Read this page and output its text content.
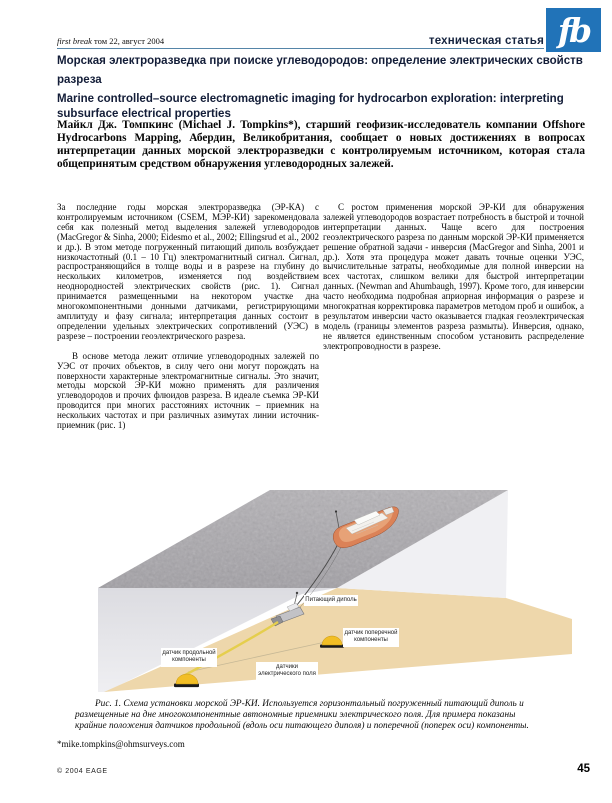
first break том 22, август 2004	техническая статья fb
Морская электроразведка при поиске углеводородов: определение электрических свойств разреза
Marine controlled–source electromagnetic imaging for hydrocarbon exploration: interpreting subsurface electrical properties
Майкл Дж. Томпкинс (Michael J. Tompkins*), старший геофизик-исследователь компании Offshore Hydrocarbons Mapping, Абердин, Великобритания, сообщает о новых достижениях в вопросах интерпретации данных морской электроразведки с контролируемым источником, которая стала общепринятым средством обнаружения углеводородных залежей.

За последние годы морская электроразведка (ЭР-КА) с контролируемым источником (CSEM, МЭР-КИ) зарекомендовала себя как полезный метод выделения залежей углеводородов (MacGregor & Sinha, 2000; Eidesmo et al., 2002; Ellingsrud et al., 2002 и др.). В этом методе погруженный питающий диполь возбуждает низкочастотный (0.1 – 10 Гц) электромагнитный сигнал. Сигнал, распространяющийся в толще воды и в разрезе на глубину до нескольких километров, изменяется под воздействием неоднородностей электрических свойств (рис. 1). Сигнал принимается размещенными на некотором участке дна многокомпонентными донными датчиками, регистрирующими амплитуду и фазу сигнала; интерпретация данных состоит в определении удельных электрических сопротивлений (УЭС) в разрезе – построении геоэлектрического разреза.

В основе метода лежит отличие углеводородных залежей по УЭС от прочих объектов, в силу чего они могут порождать на поверхности характерные электромагнитные сигналы. Это значит, методы морской ЭР-КИ можно применять для различения углеводородов и прочих флюидов разреза. В идеале съемка ЭР-КИ проводится при многих расстояниях источник – приемник на нескольких частотах и при различных азимутах линии источник-приемник (рис. 1)

С ростом применения морской ЭР-КИ для обнаружения залежей углеводородов возрастает потребность в быстрой и точной интерпретации данных. Чаще всего для построения геоэлектрического разреза по данным морской ЭР-КИ применяется решение обратной задачи - инверсия (MacGregor and Sinha, 2001 и др.). Хотя эта процедура может давать точные оценки УЭС, вычислительные затраты, необходимые для полной инверсии на всех частотах, слишком велики для быстрой интерпретации данных. (Newman and Ahumbaugh, 1997). Кроме того, для инверсии часто необходима подробная априорная информация о разрезе и многократная корректировка параметров методом проб и ошибок, а результатом инверсии часто оказывается гладкая геоэлектрическая модель (границы элементов разреза размыты). Инверсия, однако, не является единственным способом установить распределение электропроводности в разрезе.

Питающий диполь
датчик поперечной компоненты
датчик продольной компоненты
датчики электрического поля
Рис. 1. Схема установки морской ЭР-КИ. Используется горизонтальный погруженный питающий диполь и размещенные на дне многокомпонентные автономные приемники электрического поля. Для примера показаны крайние положения датчиков продольной (вдоль оси питающего диполя) и поперечной (поперек оси) компоненты.
*mike.tompkins@ohmsurveys.com
© 2004 EAGE	45
